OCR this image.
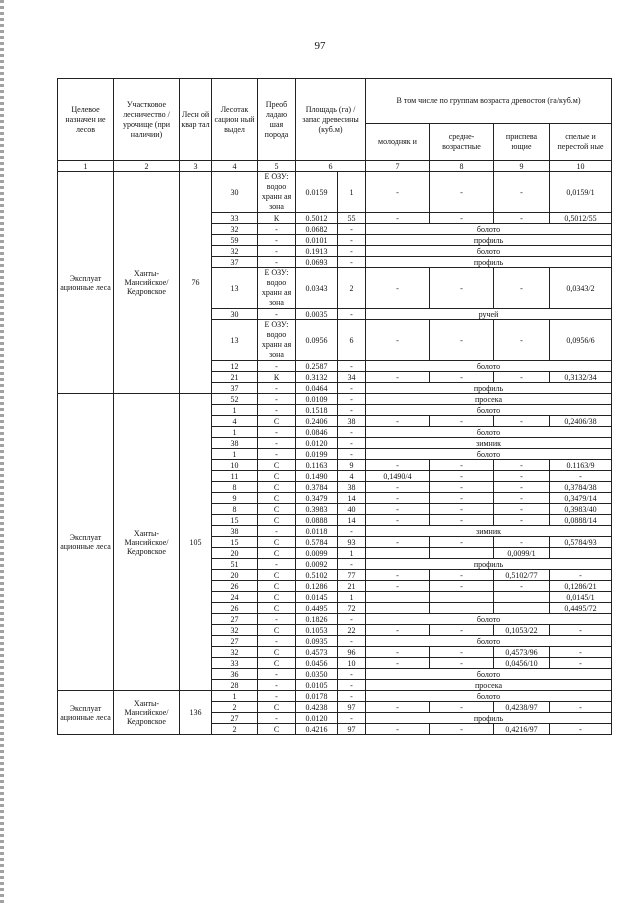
97
Целевое назначен ие лесов	Участковое лесничество /урочище (при наличии)	Лесн ой квар тал	Лесотак сацион ный выдел	Преоб ладаю шая порода	Площадь (га) /запас древесины (куб.м)		В том числе по группам возраста древостоя (га/куб.м)			
							молодняк и	средне- возрастные	приспева ющие	спелые и перестой ные
1	2	3	4	5	6		7	8	9	10
Эксплуат ационные леса	Ханты- Мансийское/ Кедровское	76	30	Е ОЗУ: водоо хранн ая зона	0.0159	1	-	-	-	0,0159/1
			33	К	0.5012	55	-	-	-	0,5012/55
			32	-	0.0682	-	болото			
			59	-	0.0101	-	профиль			
			32	-	0.1913	-	болото			
			37	-	0.0693	-	профиль			
			13	Е ОЗУ: водоо хранн ая зона	0.0343	2	-	-	-	0,0343/2
			30	-	0.0035	-	ручей			
			13	Е ОЗУ: водоо хранн ая зона	0.0956	6	-	-	-	0,0956/6
			12	-	0.2587	-	болото			
			21	К	0.3132	34	-	-	-	0,3132/34
			37	-	0.0464	-	профиль			
Эксплуат ационные леса	Ханты- Мансийское/ Кедровское	105	52	-	0.0109	-	просека			
			1	-	0.1518	-	болото			
			4	С	0.2406	38	-	-	-	0,2406/38
			1	-	0.0846	-	болото			
			38	-	0.0120	-	зимник			
			1	-	0.0199	-	болото			
			10	С	0.1163	9	-	-	-	0.1163/9
			11	С	0.1490	4	0,1490/4	-	-	-
			8	С	0.3784	38	-	-	-	0,3784/38
			9	С	0.3479	14	-	-	-	0,3479/14
			8	С	0.3983	40	-	-	-	0,3983/40
			15	С	0.0888	14	-	-	-	0,0888/14
			38	-	0.0118	-	зимник			
			15	С	0.5784	93	-	-	-	0,5784/93
			20	С	0.0099	1			0,0099/1	
			51	-	0.0092	-	профиль			
			20	С	0.5102	77	-	-	0,5102/77	-
			26	С	0.1286	21	-	-	-	0,1286/21
			24	С	0.0145	1				0,0145/1
			26	С	0.4495	72				0,4495/72
			27	-	0.1826	-	болото			
			32	С	0.1053	22	-	-	0,1053/22	-
			27	-	0.0935	-	болото			
			32	С	0.4573	96	-	-	0,4573/96	-
			33	С	0.0456	10	-	-	0,0456/10	-
			36	-	0.0350	-	болото			
			28	-	0.0105	-	просека			
Эксплуат ационные леса	Ханты- Мансийское/ Кедровское	136	1	-	0.0178	-	болото			
			2	С	0.4238	97	-	-	0,4238/97	-
			27	-	0.0120	-	профиль			
			2	С	0.4216	97	-	-	0,4216/97	-
